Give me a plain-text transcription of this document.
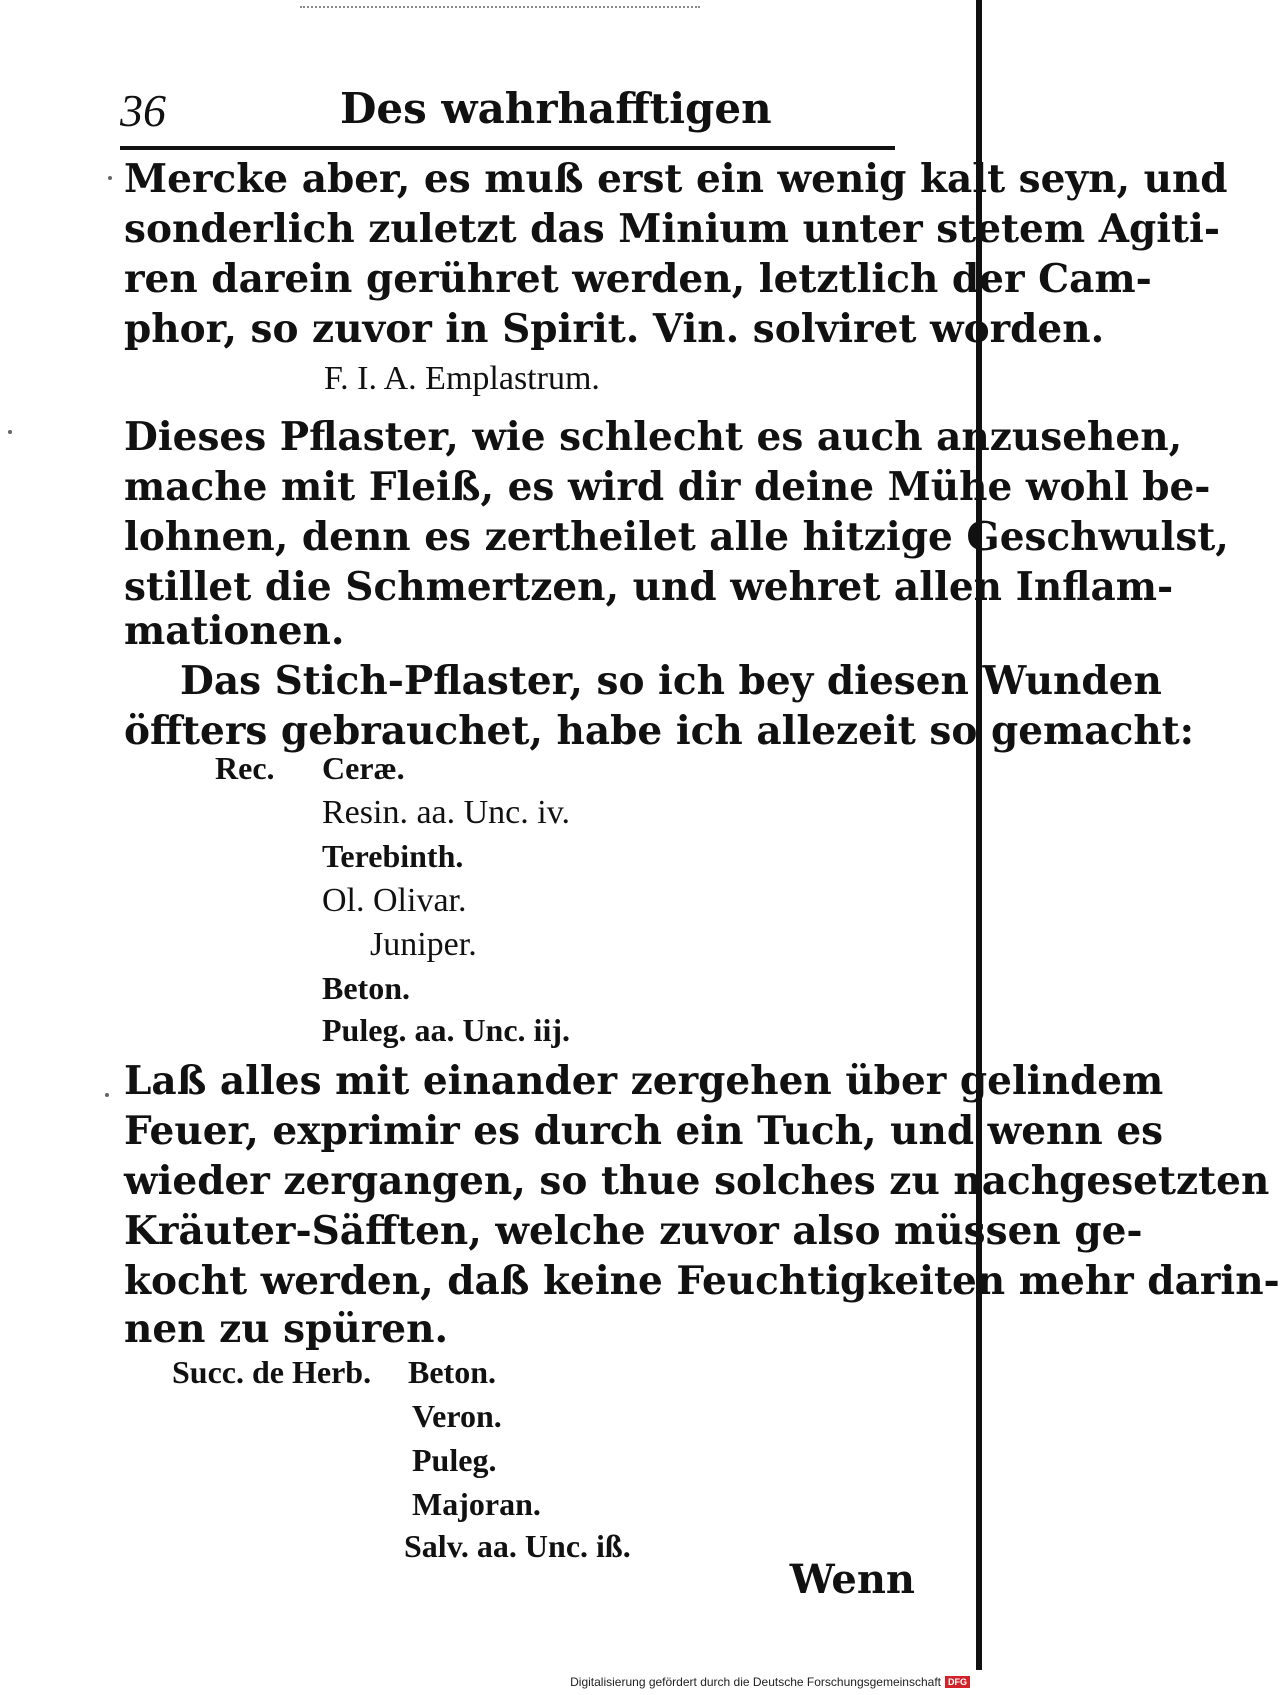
36	Des wahrhafftigen
Mercke aber, es muß erst ein wenig kalt seyn, und
sonderlich zuletzt das Minium unter stetem Agiti-
ren darein gerühret werden, letztlich der Cam-
phor, so zuvor in Spirit. Vin. solviret worden.
F. I. A. Emplastrum.
Dieses Pflaster, wie schlecht es auch anzusehen,
mache mit Fleiß, es wird dir deine Mühe wohl be-
lohnen, denn es zertheilet alle hitzige Geschwulst,
stillet die Schmertzen, und wehret allen Inflam-
mationen.
Das Stich-Pflaster, so ich bey diesen Wunden
öffters gebrauchet, habe ich allezeit so gemacht:
Rec. Ceræ.
Resin. aa. Unc. iv.
Terebinth.
Ol. Olivar.
Juniper.
Beton.
Puleg. aa. Unc. iij.
Laß alles mit einander zergehen über gelindem
Feuer, exprimir es durch ein Tuch, und wenn es
wieder zergangen, so thue solches zu nachgesetzten
Kräuter-Säfften, welche zuvor also müssen ge-
kocht werden, daß keine Feuchtigkeiten mehr darin-
nen zu spüren.
Succ. de Herb. Beton.
Veron.
Puleg.
Majoran.
Salv. aa. Unc. iß.
Wenn
Digitalisierung gefördert durch die Deutsche Forschungsgemeinschaft DFG
